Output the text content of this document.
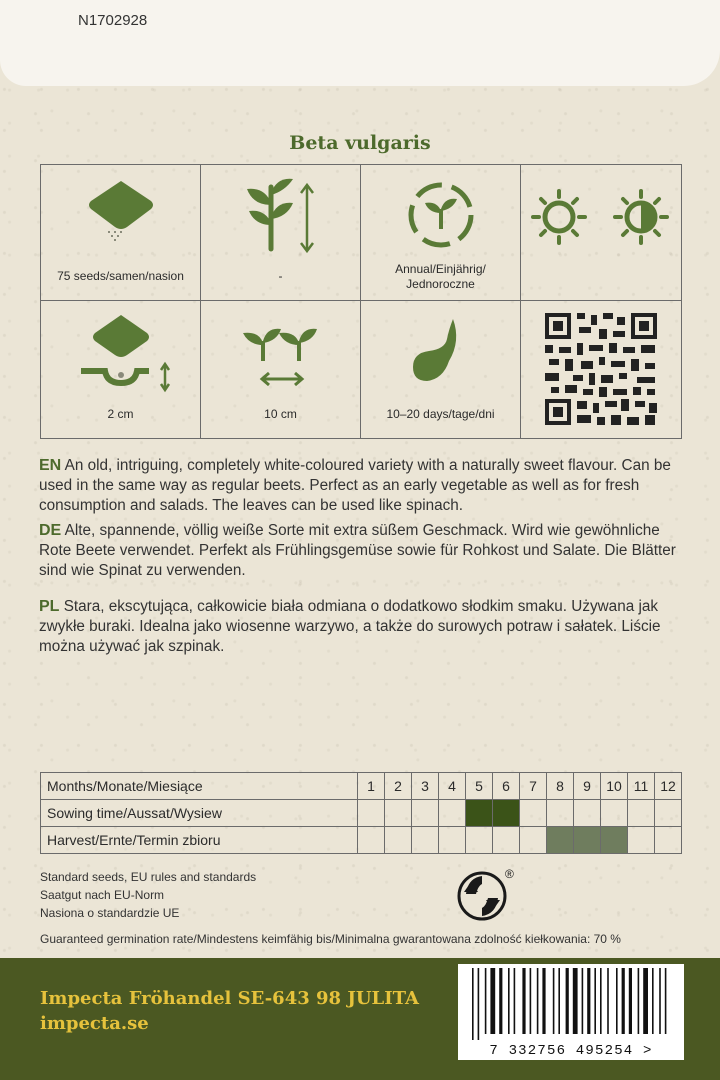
N1702928
Beta vulgaris
75 seeds/samen/nasion	-	Annual/Einjährig/
Jednoroczne
2 cm	10 cm	10–20 days/tage/dni
EN An old, intriguing, completely white-coloured variety with a naturally sweet flavour. Can be used in the same way as regular beets. Perfect as an early vegetable as well as for fresh consumption and salads. The leaves can be used like spinach.
DE Alte, spannende, völlig weiße Sorte mit extra süßem Geschmack. Wird wie gewöhnliche Rote Beete verwendet. Perfekt als Frühlingsgemüse sowie für Rohkost und Salate. Die Blätter sind wie Spinat zu verwenden.
PL Stara, ekscytująca, całkowicie biała odmiana o dodatkowo słodkim smaku. Używana jak zwykłe buraki. Idealna jako wiosenne warzywo, a także do surowych potraw i sałatek. Liście można używać jak szpinak.
Months/Monate/Miesiące	1	2	3	4	5	6	7	8	9	10	11	12
Sowing time/Aussat/Wysiew												
Harvest/Ernte/Termin zbioru												
Standard seeds, EU rules and standards
Saatgut nach EU-Norm
Nasiona o standardzie UE
®
Guaranteed germination rate/Mindestens keimfähig bis/Minimalna gwarantowana zdolność kiełkowania: 70 %
Impecta Fröhandel SE-643 98 JULITA
impecta.se
7 332756 495254 >
